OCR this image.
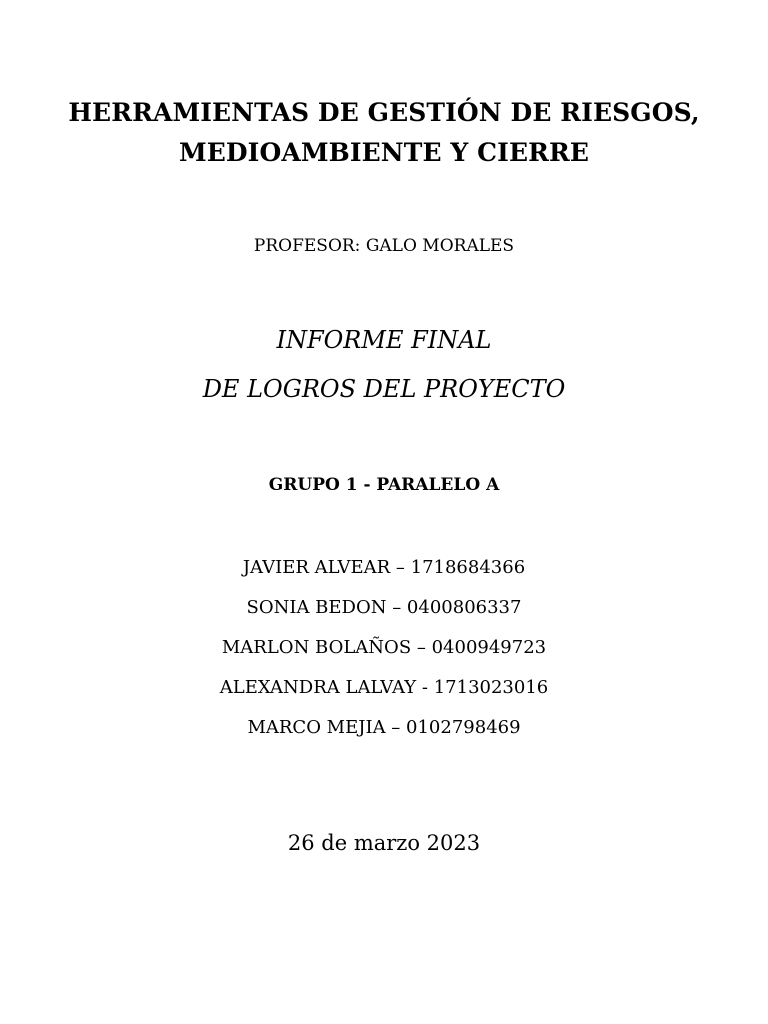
HERRAMIENTAS DE GESTIÓN DE RIESGOS,
MEDIOAMBIENTE Y CIERRE
PROFESOR: GALO MORALES
INFORME FINAL
DE LOGROS DEL PROYECTO
GRUPO 1 - PARALELO A
JAVIER ALVEAR – 1718684366
SONIA BEDON – 0400806337
MARLON BOLAÑOS – 0400949723
ALEXANDRA LALVAY - 1713023016
MARCO MEJIA – 0102798469
26 de marzo 2023
